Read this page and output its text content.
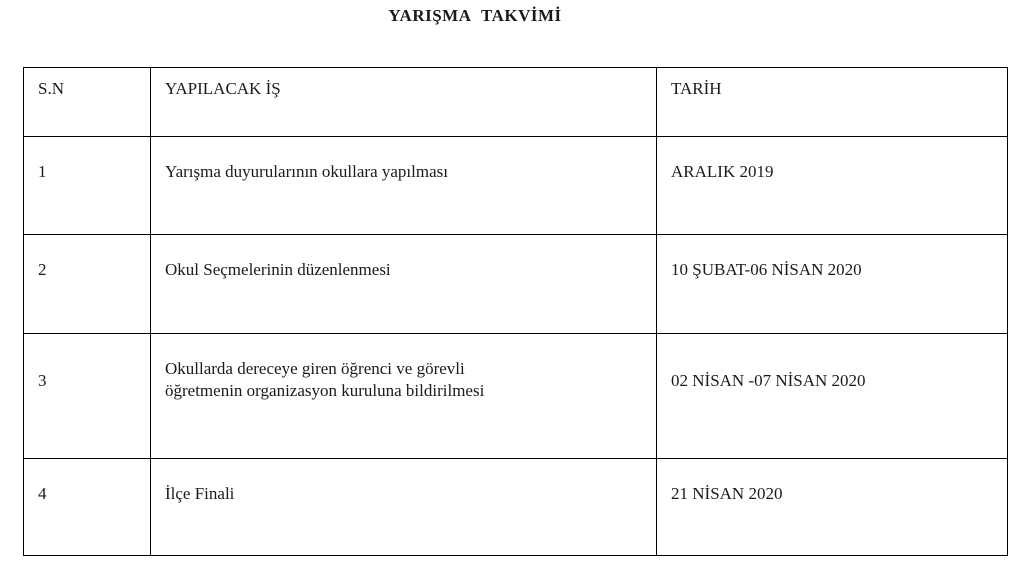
YARIŞMA TAKVİMİ
S.N	YAPILACAK İŞ	TARİH
1	Yarışma duyurularının okullara yapılması	ARALIK 2019
2	Okul Seçmelerinin düzenlenmesi	10 ŞUBAT-06 NİSAN 2020
3	Okullarda dereceye giren öğrenci ve görevli
öğretmenin organizasyon kuruluna bildirilmesi	02 NİSAN -07 NİSAN 2020
4	İlçe Finali	21 NİSAN 2020
